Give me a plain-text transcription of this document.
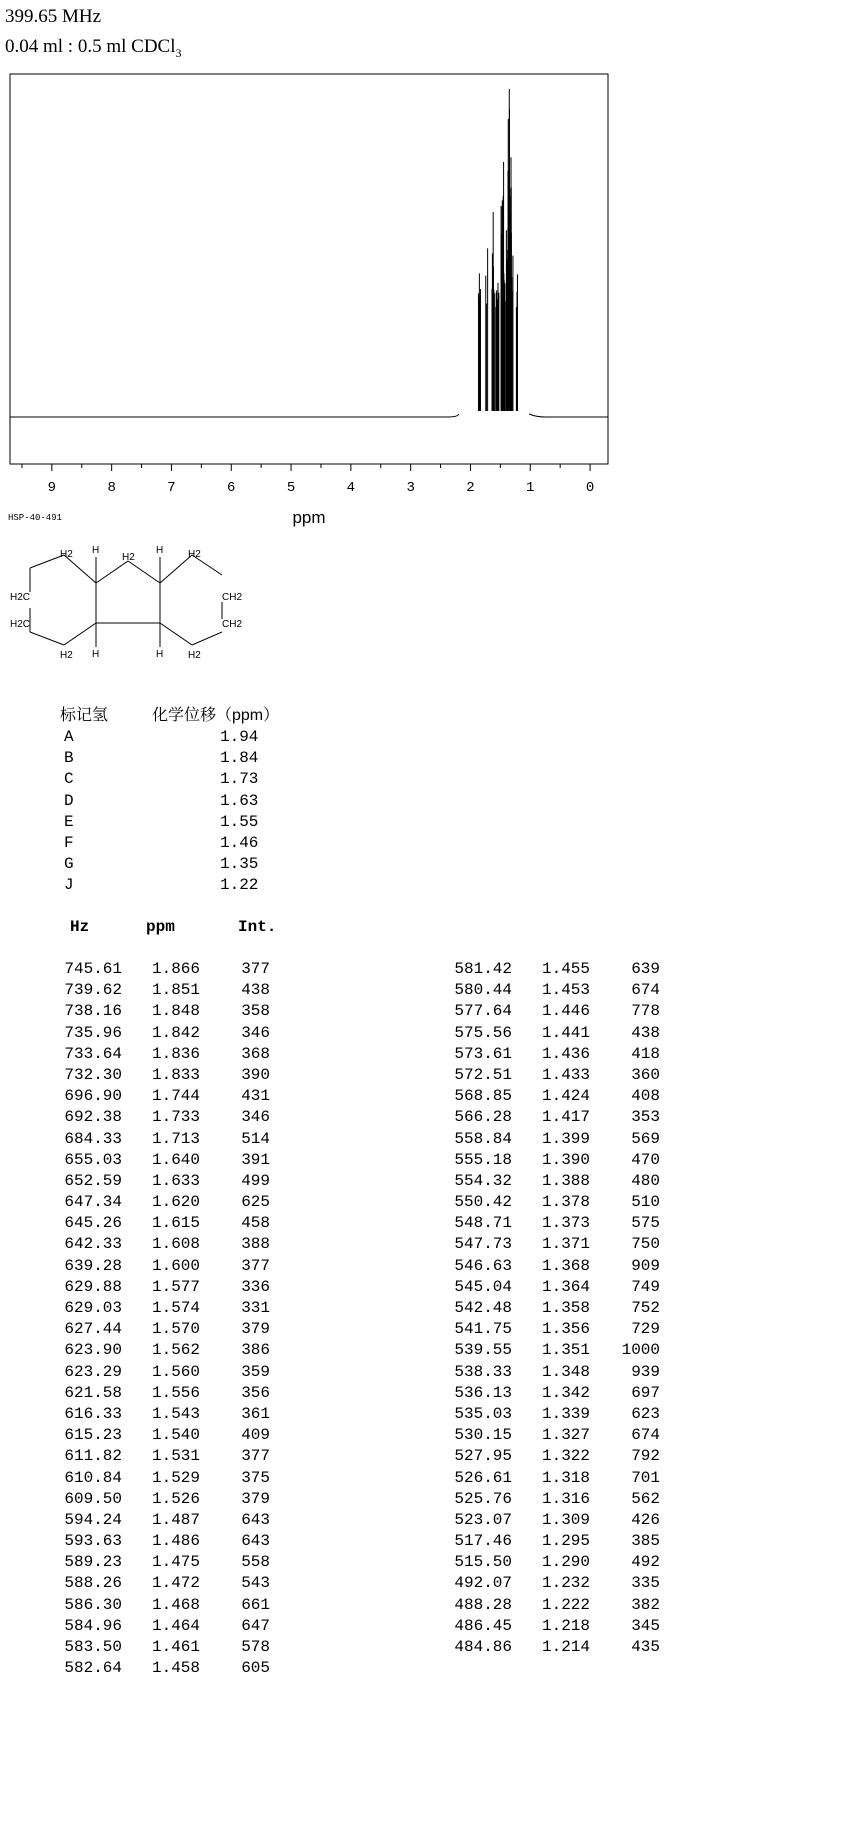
399.65 MHz
0.04 ml : 0.5 ml CDCl$_3$
9	8	7	6	5	4	3	2	1	0
ppm
HSP-40-491
H2 H
H2
H H2
H2C	CH2
H2C	CH2
H2 H	H H2
标记氢	化学位移（ppm）
A	1.94
B	1.84
C	1.73
D	1.63
E	1.55
F	1.46
G	1.35
J	1.22
Hz	ppm	Int.
745.61	1.866	377
739.62	1.851	438
738.16	1.848	358
735.96	1.842	346
733.64	1.836	368
732.30	1.833	390
696.90	1.744	431
692.38	1.733	346
684.33	1.713	514
655.03	1.640	391
652.59	1.633	499
647.34	1.620	625
645.26	1.615	458
642.33	1.608	388
639.28	1.600	377
629.88	1.577	336
629.03	1.574	331
627.44	1.570	379
623.90	1.562	386
623.29	1.560	359
621.58	1.556	356
616.33	1.543	361
615.23	1.540	409
611.82	1.531	377
610.84	1.529	375
609.50	1.526	379
594.24	1.487	643
593.63	1.486	643
589.23	1.475	558
588.26	1.472	543
586.30	1.468	661
584.96	1.464	647
583.50	1.461	578
582.64	1.458	605
581.42	1.455	639
580.44	1.453	674
577.64	1.446	778
575.56	1.441	438
573.61	1.436	418
572.51	1.433	360
568.85	1.424	408
566.28	1.417	353
558.84	1.399	569
555.18	1.390	470
554.32	1.388	480
550.42	1.378	510
548.71	1.373	575
547.73	1.371	750
546.63	1.368	909
545.04	1.364	749
542.48	1.358	752
541.75	1.356	729
539.55	1.351	1000
538.33	1.348	939
536.13	1.342	697
535.03	1.339	623
530.15	1.327	674
527.95	1.322	792
526.61	1.318	701
525.76	1.316	562
523.07	1.309	426
517.46	1.295	385
515.50	1.290	492
492.07	1.232	335
488.28	1.222	382
486.45	1.218	345
484.86	1.214	435
